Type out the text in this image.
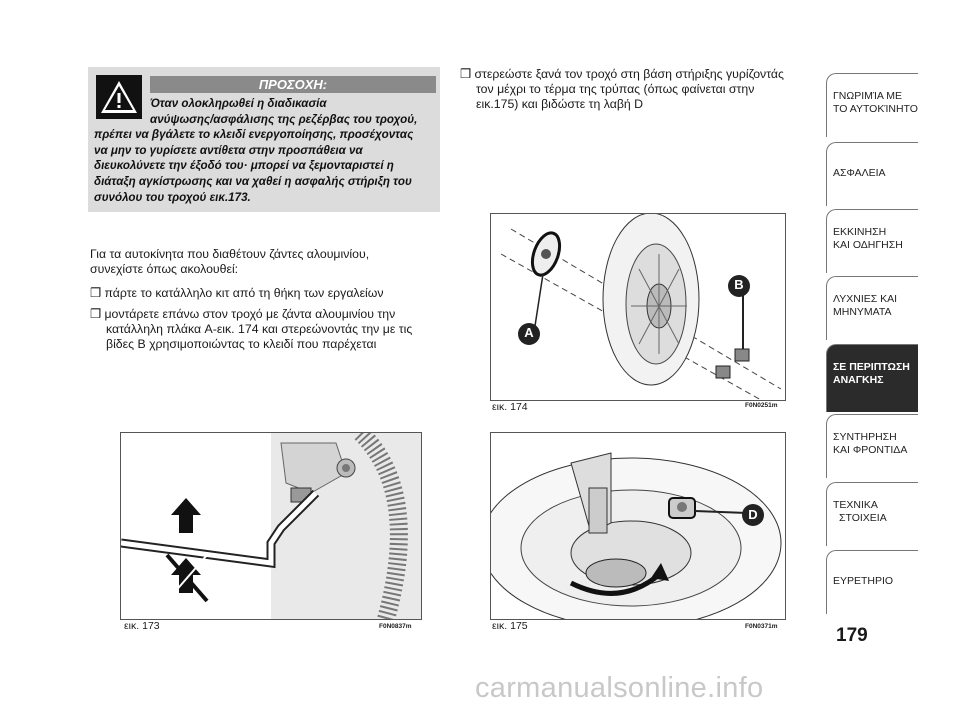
ΠΡΟΣΟΧΗ:
Όταν ολοκληρωθεί η διαδικασία
ανύψωσης/ασφάλισης της ρεζέρβας του τροχού,
πρέπει να βγάλετε το κλειδί ενεργοποίησης, προσέχοντας
να μην το γυρίσετε αντίθετα στην προσπάθεια να
διευκολύνετε την έξοδό του· μπορεί να ξεμονταριστεί η
διάταξη αγκίστρωσης και να χαθεί η ασφαλής στήριξη του
συνόλου του τροχού εικ.173.
Για τα αυτοκίνητα που διαθέτουν ζάντες αλουμινίου,
συνεχίστε όπως ακολουθεί:
❒ πάρτε το κατάλληλο κιτ από τη θήκη των εργαλείων
❒ μοντάρετε επάνω στον τροχό με ζάντα αλουμινίου την
κατάλληλη πλάκα A-εικ. 174 και στερεώνοντάς την με τις
βίδες B χρησιμοποιώντας το κλειδί που παρέχεται
❒ στερεώστε ξανά τον τροχό στη βάση στήριξης γυρίζοντάς
τον μέχρι το τέρμα της τρύπας (όπως φαίνεται στην
εικ.175) και βιδώστε τη λαβή D
εικ. 173	F0N0837m
B
A
εικ. 174	F0N0251m
D
εικ. 175	F0N0371m
ΓΝΩΡΙΜΊΑ ΜΕ
ΤΟ ΑΥΤΟΚΊΝΗΤΟ
ΑΣΦΑΛΕΙΑ
ΕΚΚΙΝΗΣΗ
ΚΑΙ ΟΔΗΓΗΣΗ
ΛΥΧΝΙΕΣ ΚΑΙ
ΜΗΝΥΜΑΤΑ
ΣΕ ΠΕΡΙΠΤΩΣΗ
ΑΝΑΓΚΗΣ
ΣΥΝΤΗΡΗΣΗ
ΚΑΙ ΦΡΟΝΤΙΔΑ
ΤΕΧΝΙΚΑ
ΣΤΟΙΧΕΙΑ
ΕΥΡΕΤΗΡΙΟ
179
carmanualsonline.info
